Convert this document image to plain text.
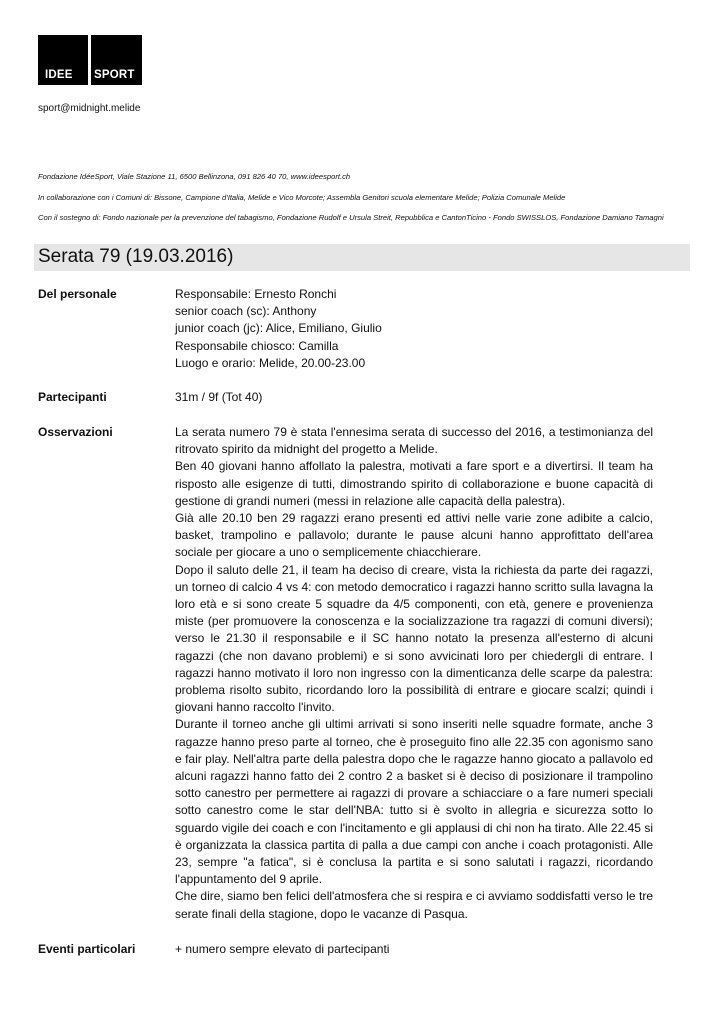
IDEE SPORT
sport@midnight.melide
Fondazione IdéeSport, Viale Stazione 11, 6500 Bellinzona, 091 826 40 70, www.ideesport.ch
In collaborazione con i Comuni di: Bissone, Campione d'Italia, Melide e Vico Morcote; Assembla Genitori scuola elementare Melide; Polizia Comunale Melide
Con il sostegno di: Fondo nazionale per la prevenzione del tabagismo, Fondazione Rudolf e Ursula Streit, Repubblica e CantonTicino - Fondo SWISSLOS, Fondazione Damiano Tamagni
Serata 79 (19.03.2016)
Del personale	Responsabile: Ernesto Ronchi
senior coach (sc): Anthony
junior coach (jc): Alice, Emiliano, Giulio
Responsabile chiosco: Camilla
Luogo e orario: Melide, 20.00-23.00
Partecipanti	31m / 9f (Tot 40)
Osservazioni	La serata numero 79 è stata l'ennesima serata di successo del 2016, a testimonianza del ritrovato spirito da midnight del progetto a Melide.

Ben 40 giovani hanno affollato la palestra, motivati a fare sport e a divertirsi. Il team ha risposto alle esigenze di tutti, dimostrando spirito di collaborazione e buone capacità di gestione di grandi numeri (messi in relazione alle capacità della palestra).

Già alle 20.10 ben 29 ragazzi erano presenti ed attivi nelle varie zone adibite a calcio, basket, trampolino e pallavolo; durante le pause alcuni hanno approfittato dell'area sociale per giocare a uno o semplicemente chiacchierare.

Dopo il saluto delle 21, il team ha deciso di creare, vista la richiesta da parte dei ragazzi, un torneo di calcio 4 vs 4: con metodo democratico i ragazzi hanno scritto sulla lavagna la loro età e si sono create 5 squadre da 4/5 componenti, con età, genere e provenienza miste (per promuovere la conoscenza e la socializzazione tra ragazzi di comuni diversi); verso le 21.30 il responsabile e il SC hanno notato la presenza all'esterno di alcuni ragazzi (che non davano problemi) e si sono avvicinati loro per chiedergli di entrare. I ragazzi hanno motivato il loro non ingresso con la dimenticanza delle scarpe da palestra: problema risolto subito, ricordando loro la possibilità di entrare e giocare scalzi; quindi i giovani hanno raccolto l'invito.

Durante il torneo anche gli ultimi arrivati si sono inseriti nelle squadre formate, anche 3 ragazze hanno preso parte al torneo, che è proseguito fino alle 22.35 con agonismo sano e fair play. Nell'altra parte della palestra dopo che le ragazze hanno giocato a pallavolo ed alcuni ragazzi hanno fatto dei 2 contro 2 a basket si è deciso di posizionare il trampolino sotto canestro per permettere ai ragazzi di provare a schiacciare o a fare numeri speciali sotto canestro come le star dell'NBA: tutto si è svolto in allegria e sicurezza sotto lo sguardo vigile dei coach e con l'incitamento e gli applausi di chi non ha tirato. Alle 22.45 si è organizzata la classica partita di palla a due campi con anche i coach protagonisti. Alle 23, sempre "a fatica", si è conclusa la partita e si sono salutati i ragazzi, ricordando l'appuntamento del 9 aprile.

Che dire, siamo ben felici dell'atmosfera che si respira e ci avviamo soddisfatti verso le tre serate finali della stagione, dopo le vacanze di Pasqua.

Eventi particolari	+ numero sempre elevato di partecipanti
